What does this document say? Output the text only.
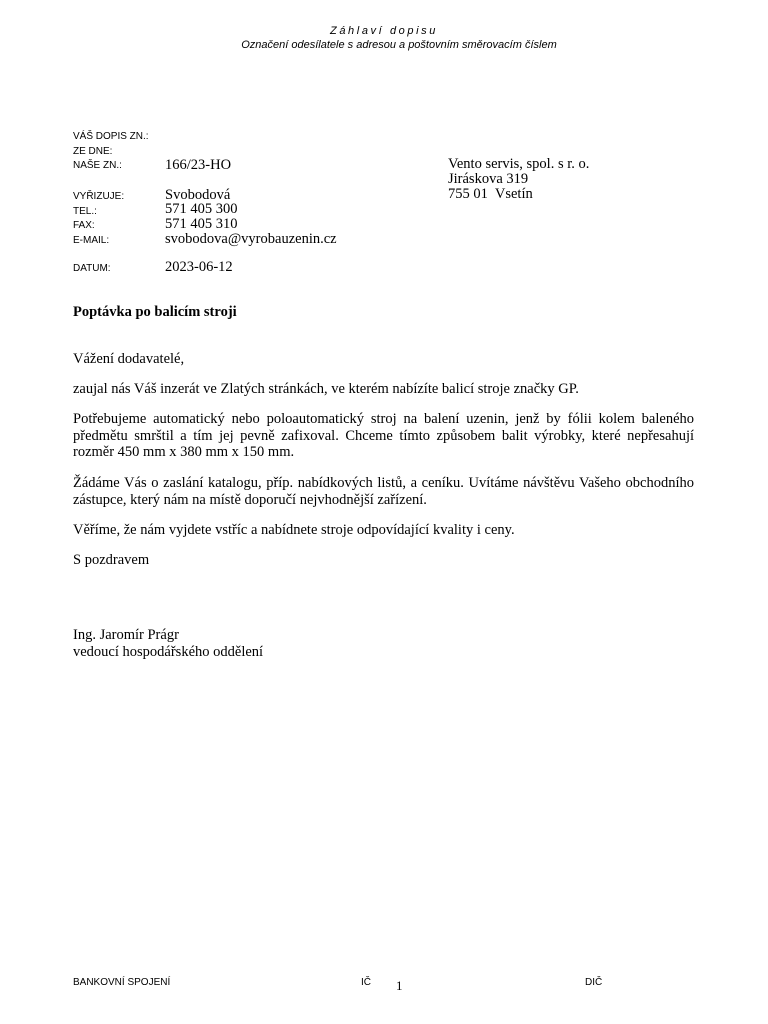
Záhlaví dopisu
Označení odesílatele s adresou a poštovním směrovacím číslem
VÁŠ DOPIS ZN.:
ZE DNE:
NAŠE ZN.:	166/23-HO
VYŘIZUJE:	Svobodová
TEL.:	571 405 300
FAX:	571 405 310
E-MAIL:	svobodova@vyrobauzenin.cz
DATUM:	2023-06-12
Vento servis, spol. s r. o.
Jiráskova 319
755 01  Vsetín
Poptávka po balicím stroji

Vážení dodavatelé,

zaujal nás Váš inzerát ve Zlatých stránkách, ve kterém nabízíte balicí stroje značky GP.

Potřebujeme automatický nebo poloautomatický stroj na balení uzenin, jenž by fólii kolem baleného předmětu smrštil a tím jej pevně zafixoval. Chceme tímto způsobem balit výrobky, které nepřesahují rozměr 450 mm x 380 mm x 150 mm.

Žádáme Vás o zaslání katalogu, příp. nabídkových listů, a ceníku. Uvítáme návštěvu Vašeho obchodního zástupce, který nám na místě doporučí nejvhodnější zařízení.

Věříme, že nám vyjdete vstříc a nabídnete stroje odpovídající kvality i ceny.

S pozdravem

Ing. Jaromír Prágr
vedoucí hospodářského oddělení
BANKOVNÍ SPOJENÍ	IČ 1	DIČ
